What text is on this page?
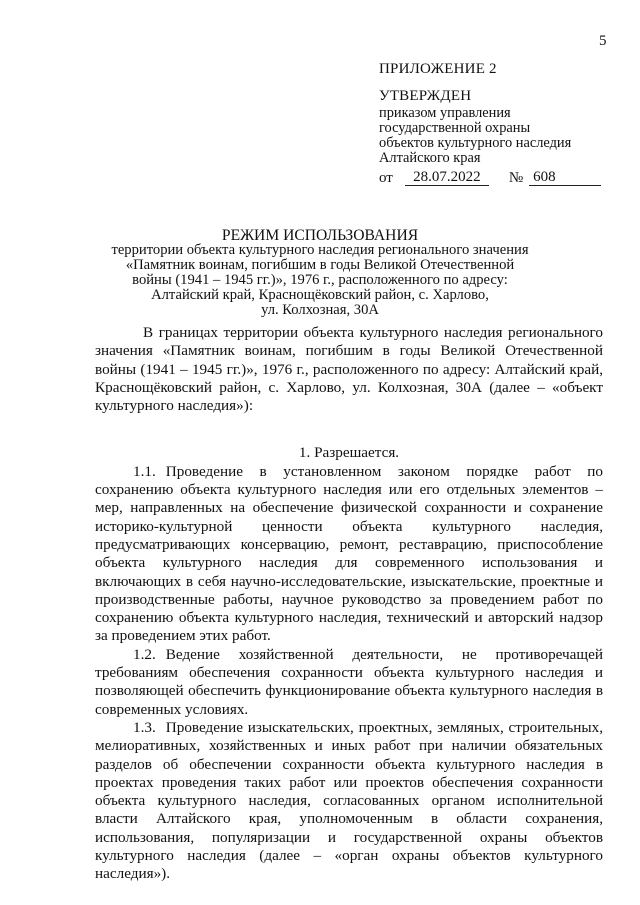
5
ПРИЛОЖЕНИЕ 2
УТВЕРЖДЕН
приказом управления
государственной охраны
объектов культурного наследия
Алтайского края
от	28.07.2022	№ 608
РЕЖИМ ИСПОЛЬЗОВАНИЯ
территории объекта культурного наследия регионального значения
«Памятник воинам, погибшим в годы Великой Отечественной
войны (1941 – 1945 гг.)», 1976 г., расположенного по адресу:
Алтайский край, Краснощёковский район, с. Харлово,
ул. Колхозная, 30А

В границах территории объекта культурного наследия регионального значения «Памятник воинам, погибшим в годы Великой Отечественной войны (1941 – 1945 гг.)», 1976 г., расположенного по адресу: Алтайский край, Краснощёковский район, с. Харлово, ул. Колхозная, 30А (далее – «объект культурного наследия»):

1. Разрешается.

1.1. Проведение в установленном законом порядке работ по сохранению объекта культурного наследия или его отдельных элементов – мер, направленных на обеспечение физической сохранности и сохранение историко-культурной ценности объекта культурного наследия, предусматривающих консервацию, ремонт, реставрацию, приспособление объекта культурного наследия для современного использования и включающих в себя научно-исследовательские, изыскательские, проектные и производственные работы, научное руководство за проведением работ по сохранению объекта культурного наследия, технический и авторский надзор за проведением этих работ.

1.2. Ведение хозяйственной деятельности, не противоречащей требованиям обеспечения сохранности объекта культурного наследия и позволяющей обеспечить функционирование объекта культурного наследия в современных условиях.

1.3. Проведение изыскательских, проектных, земляных, строительных, мелиоративных, хозяйственных и иных работ при наличии обязательных разделов об обеспечении сохранности объекта культурного наследия в проектах проведения таких работ или проектов обеспечения сохранности объекта культурного наследия, согласованных органом исполнительной власти Алтайского края, уполномоченным в области сохранения, использования, популяризации и государственной охраны объектов культурного наследия (далее – «орган охраны объектов культурного наследия»).
